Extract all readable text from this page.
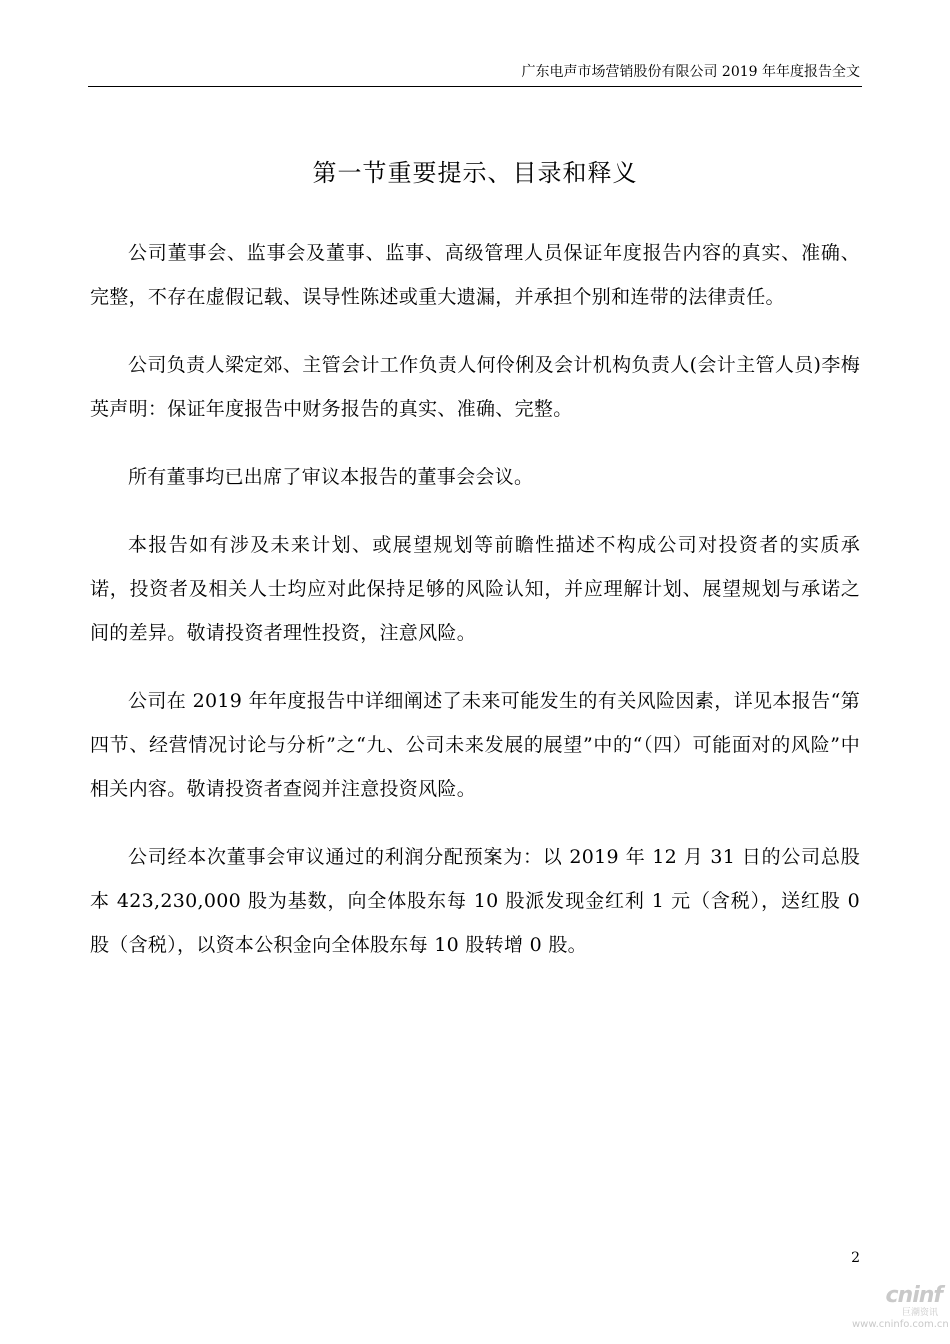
广东电声市场营销股份有限公司 2019 年年度报告全文
第一节重要提示、目录和释义

公司董事会、监事会及董事、监事、高级管理人员保证年度报告内容的真实、准确、完整，不存在虚假记载、误导性陈述或重大遗漏，并承担个别和连带的法律责任。

公司负责人梁定郊、主管会计工作负责人何伶俐及会计机构负责人(会计主管人员)李梅英声明：保证年度报告中财务报告的真实、准确、完整。

所有董事均已出席了审议本报告的董事会会议。

本报告如有涉及未来计划、或展望规划等前瞻性描述不构成公司对投资者的实质承诺，投资者及相关人士均应对此保持足够的风险认知，并应理解计划、展望规划与承诺之间的差异。敬请投资者理性投资，注意风险。

公司在 2019 年年度报告中详细阐述了未来可能发生的有关风险因素，详见本报告“第四节、经营情况讨论与分析”之“九、公司未来发展的展望”中的“（四）可能面对的风险”中相关内容。敬请投资者查阅并注意投资风险。

公司经本次董事会审议通过的利润分配预案为：以 2019 年 12 月 31 日的公司总股本 423,230,000 股为基数，向全体股东每 10 股派发现金红利 1 元（含税），送红股 0 股（含税），以资本公积金向全体股东每 10 股转增 0 股。

2
cninf
巨潮资讯
www.cninfo.com.cn
